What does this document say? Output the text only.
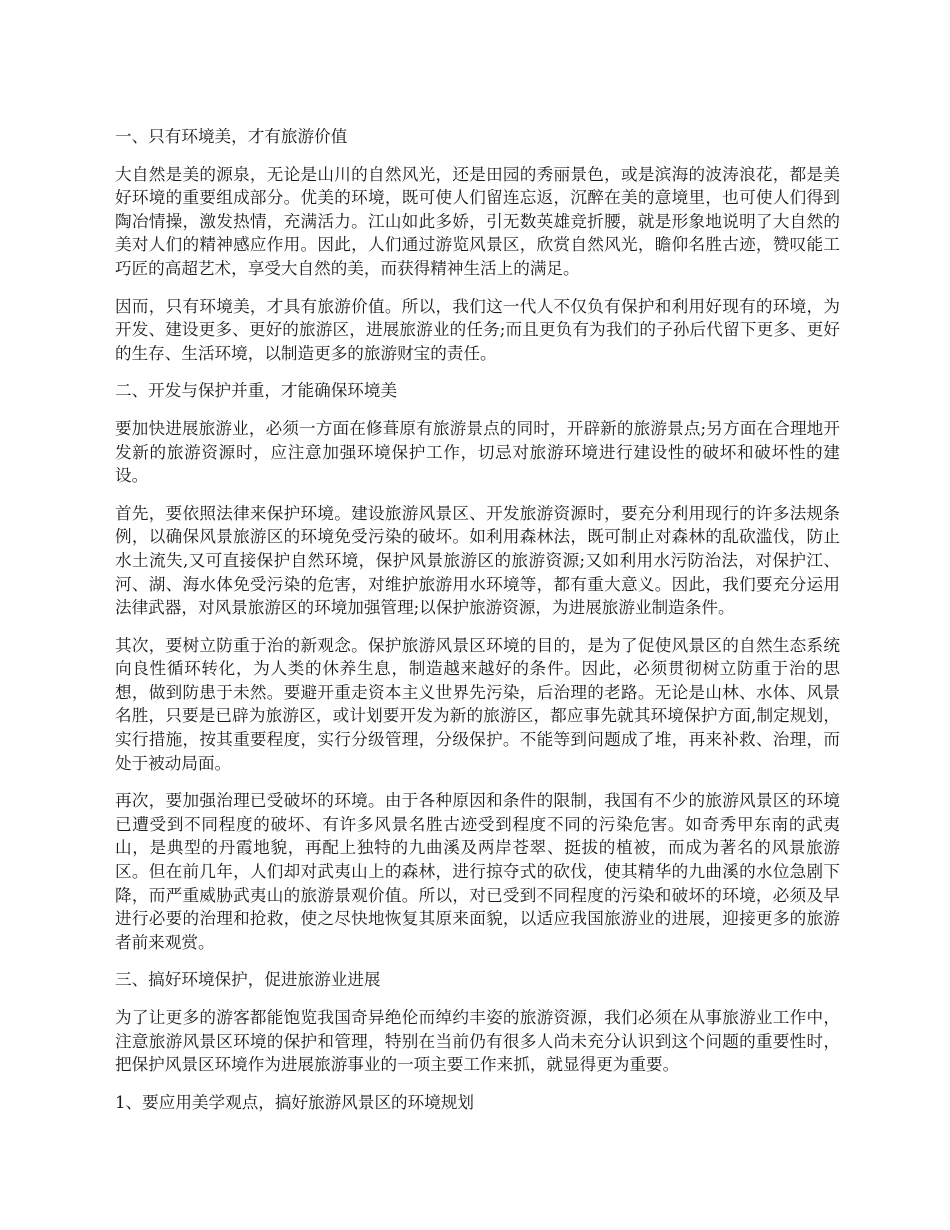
一、只有环境美，才有旅游价值
大自然是美的源泉，无论是山川的自然风光，还是田园的秀丽景色，或是滨海的波涛浪花，都是美好环境的重要组成部分。优美的环境，既可使人们留连忘返，沉醉在美的意境里，也可使人们得到陶冶情操，激发热情，充满活力。江山如此多娇，引无数英雄竞折腰，就是形象地说明了大自然的美对人们的精神感应作用。因此，人们通过游览风景区，欣赏自然风光，瞻仰名胜古迹，赞叹能工巧匠的高超艺术，享受大自然的美，而获得精神生活上的满足。
因而，只有环境美，才具有旅游价值。所以，我们这一代人不仅负有保护和利用好现有的环境，为开发、建设更多、更好的旅游区，进展旅游业的任务;而且更负有为我们的子孙后代留下更多、更好的生存、生活环境，以制造更多的旅游财宝的责任。
二、开发与保护并重，才能确保环境美
要加快进展旅游业，必须一方面在修葺原有旅游景点的同时，开辟新的旅游景点;另方面在合理地开发新的旅游资源时，应注意加强环境保护工作，切忌对旅游环境进行建设性的破坏和破坏性的建设。
首先，要依照法律来保护环境。建设旅游风景区、开发旅游资源时，要充分利用现行的许多法规条例，以确保风景旅游区的环境免受污染的破坏。如利用森林法，既可制止对森林的乱砍滥伐，防止水土流失,又可直接保护自然环境，保护风景旅游区的旅游资源;又如利用水污防治法，对保护江、河、湖、海水体免受污染的危害，对维护旅游用水环境等，都有重大意义。因此，我们要充分运用法律武器，对风景旅游区的环境加强管理;以保护旅游资源，为进展旅游业制造条件。
其次，要树立防重于治的新观念。保护旅游风景区环境的目的，是为了促使风景区的自然生态系统向良性循环转化，为人类的休养生息，制造越来越好的条件。因此，必须贯彻树立防重于治的思想，做到防患于未然。要避开重走资本主义世界先污染，后治理的老路。无论是山林、水体、风景名胜，只要是已辟为旅游区，或计划要开发为新的旅游区，都应事先就其环境保护方面,制定规划，实行措施，按其重要程度，实行分级管理，分级保护。不能等到问题成了堆，再来补救、治理，而处于被动局面。
再次，要加强治理已受破坏的环境。由于各种原因和条件的限制，我国有不少的旅游风景区的环境已遭受到不同程度的破坏、有许多风景名胜古迹受到程度不同的污染危害。如奇秀甲东南的武夷山，是典型的丹霞地貌，再配上独特的九曲溪及两岸苍翠、挺拔的植被，而成为著名的风景旅游区。但在前几年，人们却对武夷山上的森林，进行掠夺式的砍伐，使其精华的九曲溪的水位急剧下降，而严重威胁武夷山的旅游景观价值。所以，对已受到不同程度的污染和破坏的环境，必须及早进行必要的治理和抢救，使之尽快地恢复其原来面貌，以适应我国旅游业的进展，迎接更多的旅游者前来观赏。
三、搞好环境保护，促进旅游业进展
为了让更多的游客都能饱览我国奇异绝伦而绰约丰姿的旅游资源，我们必须在从事旅游业工作中，注意旅游风景区环境的保护和管理，特别在当前仍有很多人尚未充分认识到这个问题的重要性时，把保护风景区环境作为进展旅游事业的一项主要工作来抓，就显得更为重要。
1、要应用美学观点，搞好旅游风景区的环境规划
